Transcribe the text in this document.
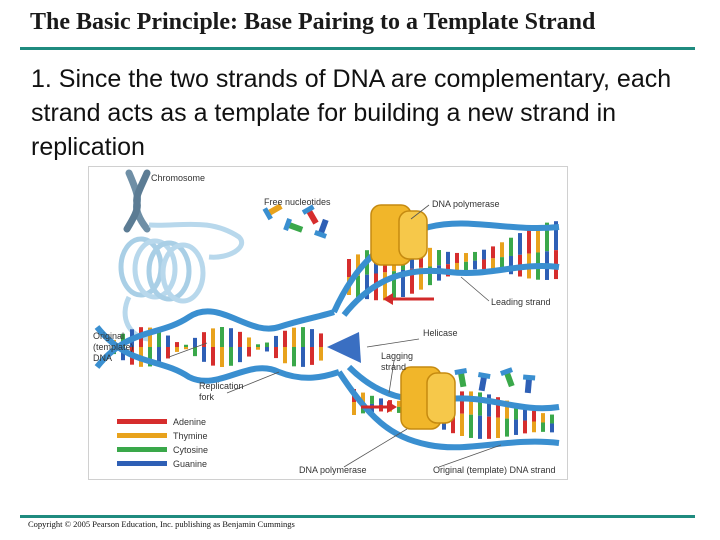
The Basic Principle: Base Pairing to a Template Strand
1. Since the two strands of DNA are complementary, each strand acts as a template for building a new strand in replication
Chromosome
Free nucleotides	DNA polymerase
Leading strand
Helicase
Lagging strand
Original (template) DNA
Replication fork
DNA polymerase	Original (template) DNA strand
Adenine
Thymine
Cytosine
Guanine
Copyright © 2005 Pearson Education, Inc. publishing as Benjamin Cummings
